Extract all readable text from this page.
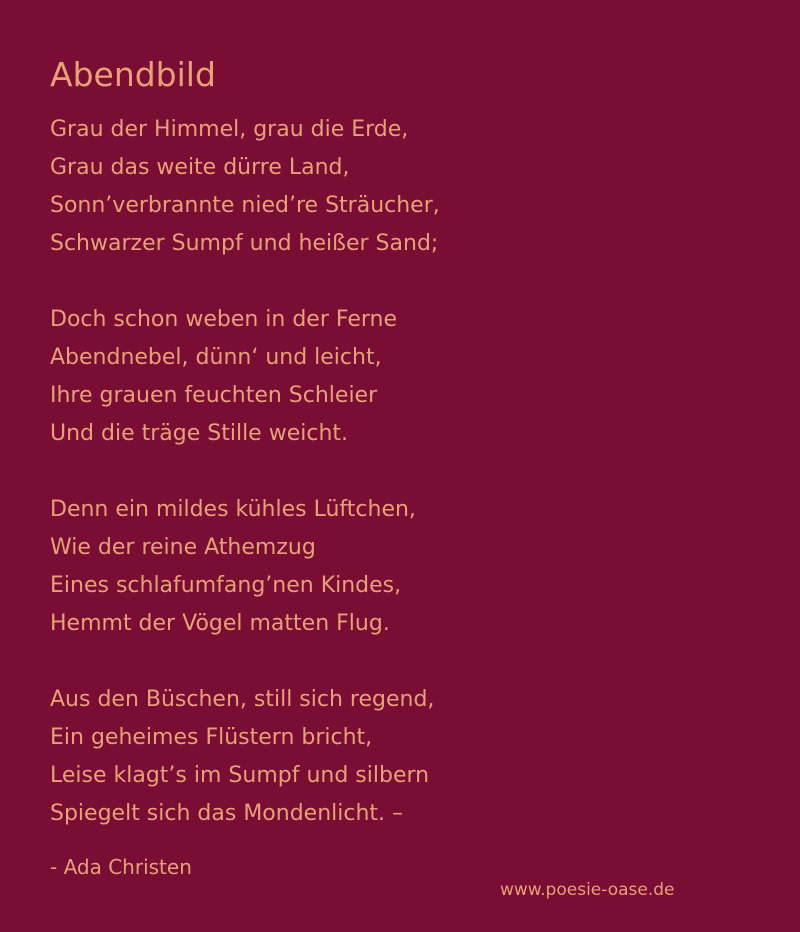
Abendbild
Grau der Himmel, grau die Erde,
Grau das weite dürre Land,
Sonn’verbrannte nied’re Sträucher,
Schwarzer Sumpf und heißer Sand;
Doch schon weben in der Ferne
Abendnebel, dünn‘ und leicht,
Ihre grauen feuchten Schleier
Und die träge Stille weicht.
Denn ein mildes kühles Lüftchen,
Wie der reine Athemzug
Eines schlafumfang’nen Kindes,
Hemmt der Vögel matten Flug.
Aus den Büschen, still sich regend,
Ein geheimes Flüstern bricht,
Leise klagt’s im Sumpf und silbern
Spiegelt sich das Mondenlicht. –
- Ada Christen
www.poesie-oase.de
